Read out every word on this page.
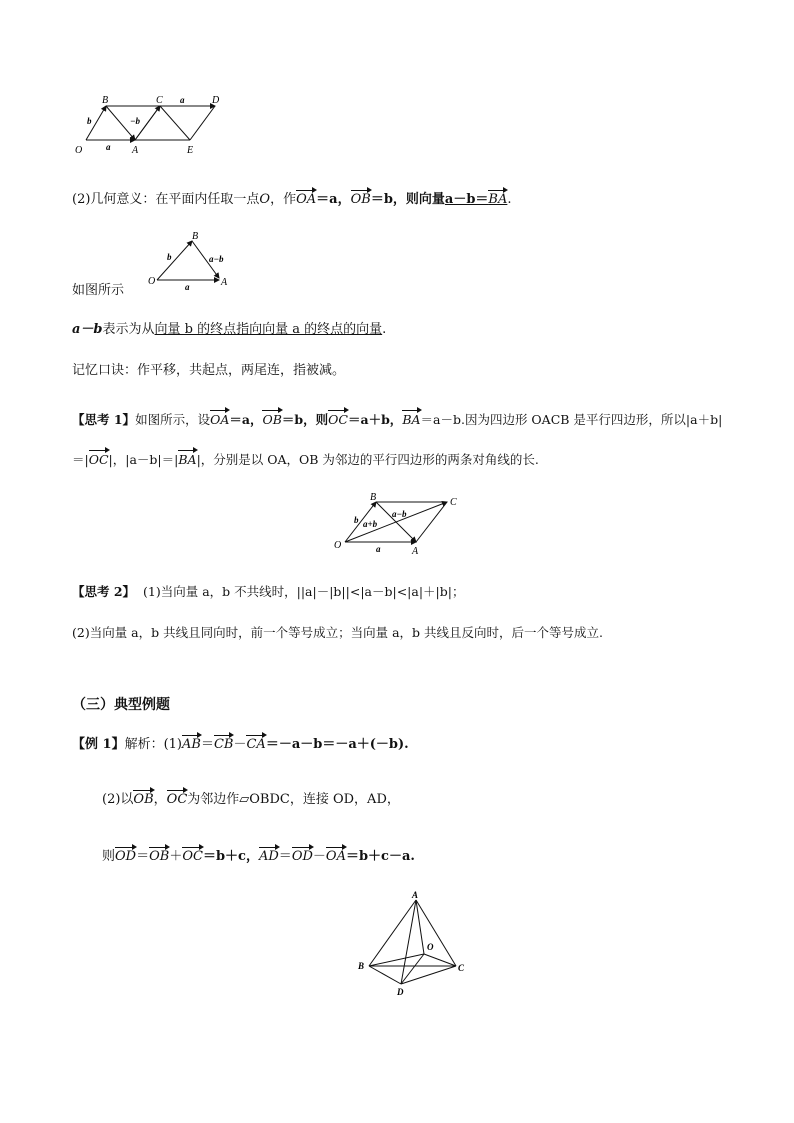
B	C	D
O	A	E
b
a
−b
a
(2)几何意义：在平面内任取一点O，作OA＝a，OB＝b，则向量a－b＝BA.
B
O	A
b	a−b
a
如图所示
a－b表示为从向量 b 的终点指向向量 a 的终点的向量.
记忆口诀：作平移，共起点，两尾连，指被减。
【思考 1】如图所示，设OA＝a，OB＝b，则OC＝a＋b，BA＝a－b.因为四边形 OACB 是平行四边形，所以|a＋b|
＝|OC|，|a－b|＝|BA|，分别是以 OA，OB 为邻边的平行四边形的两条对角线的长.
B	C
O
A
b
a
a+b
a−b
【思考 2】 (1)当向量 a，b 不共线时，||a|－|b||<|a－b|<|a|＋|b|；
(2)当向量 a，b 共线且同向时，前一个等号成立；当向量 a，b 共线且反向时，后一个等号成立.
（三）典型例题
【例 1】解析：(1)AB＝CB－CA＝－a－b＝－a＋(－b).
(2)以OB，OC为邻边作▱OBDC，连接 OD，AD，
则OD＝OB＋OC＝b＋c，AD＝OD－OA＝b＋c－a.
A
O
B	C
D
